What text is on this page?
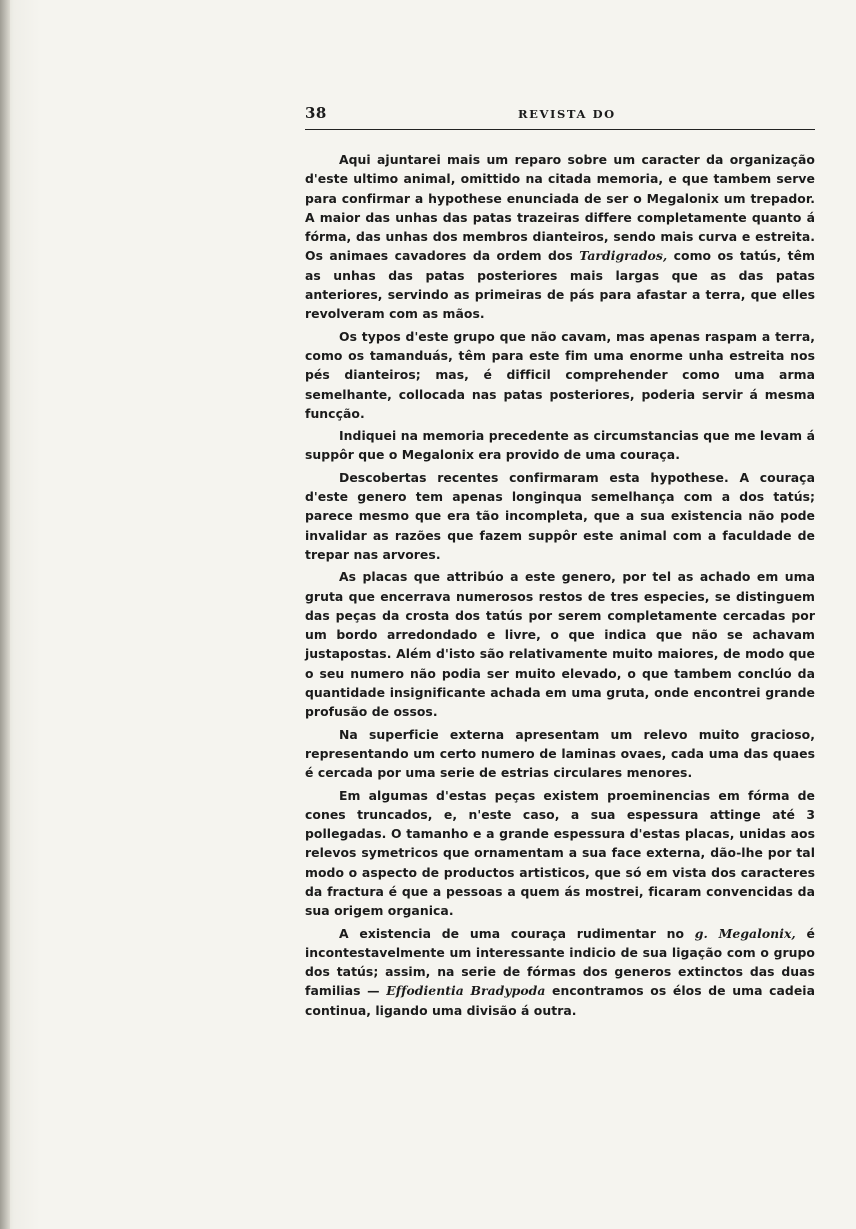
38	REVISTA DO

Aqui ajuntarei mais um reparo sobre um caracter da organização d'este ultimo animal, omittido na citada memoria, e que tambem serve para confirmar a hypothese enunciada de ser o Megalonix um trepador. A maior das unhas das patas trazeiras differe completamente quanto á fórma, das unhas dos membros dianteiros, sendo mais curva e estreita. Os animaes cavadores da ordem dos Tardigrados, como os tatús, têm as unhas das patas posteriores mais largas que as das patas anteriores, servindo as primeiras de pás para afastar a terra, que elles revolveram com as mãos.

Os typos d'este grupo que não cavam, mas apenas raspam a terra, como os tamanduás, têm para este fim uma enorme unha estreita nos pés dianteiros; mas, é difficil comprehender como uma arma semelhante, collocada nas patas posteriores, poderia servir á mesma funcção.

Indiquei na memoria precedente as circumstancias que me levam á suppôr que o Megalonix era provido de uma couraça.

Descobertas recentes confirmaram esta hypothese. A couraça d'este genero tem apenas longinqua semelhança com a dos tatús; parece mesmo que era tão incompleta, que a sua existencia não pode invalidar as razões que fazem suppôr este animal com a faculdade de trepar nas arvores.

As placas que attribúo a este genero, por tel as achado em uma gruta que encerrava numerosos restos de tres especies, se distinguem das peças da crosta dos tatús por serem completamente cercadas por um bordo arredondado e livre, o que indica que não se achavam justapostas. Além d'isto são relativamente muito maiores, de modo que o seu numero não podia ser muito elevado, o que tambem conclúo da quantidade insignificante achada em uma gruta, onde encontrei grande profusão de ossos.

Na superficie externa apresentam um relevo muito gracioso, representando um certo numero de laminas ovaes, cada uma das quaes é cercada por uma serie de estrias circulares menores.

Em algumas d'estas peças existem proeminencias em fórma de cones truncados, e, n'este caso, a sua espessura attinge até 3 pollegadas. O tamanho e a grande espessura d'estas placas, unidas aos relevos symetricos que ornamentam a sua face externa, dão-lhe por tal modo o aspecto de productos artisticos, que só em vista dos caracteres da fractura é que a pessoas a quem ás mostrei, ficaram convencidas da sua origem organica.

A existencia de uma couraça rudimentar no g. Megalonix, é incontestavelmente um interessante indicio de sua ligação com o grupo dos tatús; assim, na serie de fórmas dos generos extinctos das duas familias — Effodientia Bradypoda encontramos os élos de uma cadeia continua, ligando uma divisão á outra.
